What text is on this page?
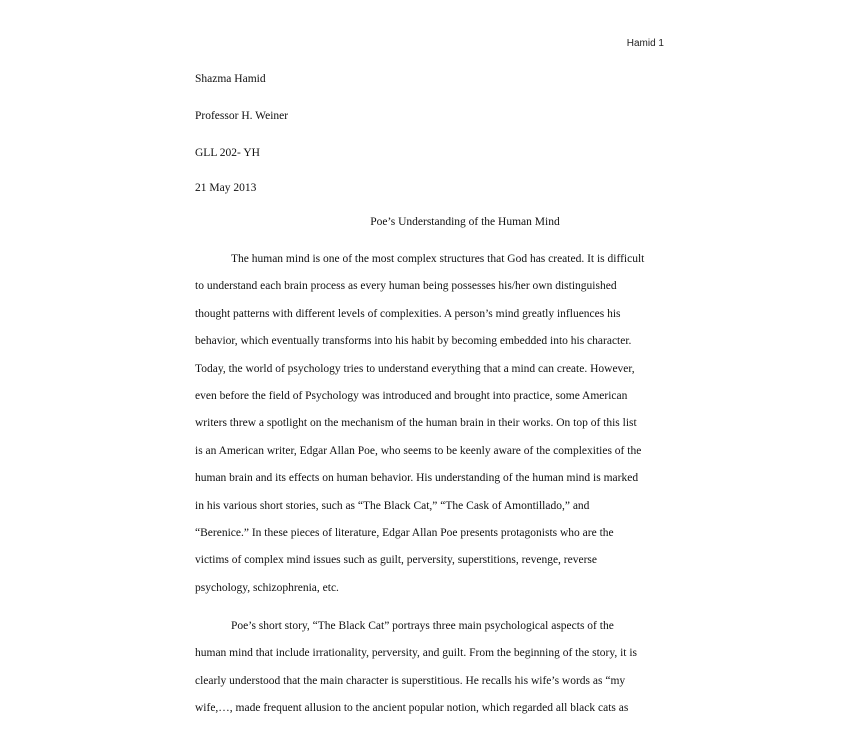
Hamid 1
Shazma Hamid
Professor H. Weiner
GLL 202- YH
21 May 2013
Poe’s Understanding of the Human Mind
The human mind is one of the most complex structures that God has created. It is difficult
to understand each brain process as every human being possesses his/her own distinguished
thought patterns with different levels of complexities. A person’s mind greatly influences his
behavior, which eventually transforms into his habit by becoming embedded into his character.
Today, the world of psychology tries to understand everything that a mind can create. However,
even before the field of Psychology was introduced and brought into practice, some American
writers threw a spotlight on the mechanism of the human brain in their works. On top of this list
is an American writer, Edgar Allan Poe, who seems to be keenly aware of the complexities of the
human brain and its effects on human behavior. His understanding of the human mind is marked
in his various short stories, such as “The Black Cat,” “The Cask of Amontillado,” and
“Berenice.” In these pieces of literature, Edgar Allan Poe presents protagonists who are the
victims of complex mind issues such as guilt, perversity, superstitions, revenge, reverse
psychology, schizophrenia, etc.
Poe’s short story, “The Black Cat” portrays three main psychological aspects of the
human mind that include irrationality, perversity, and guilt. From the beginning of the story, it is
clearly understood that the main character is superstitious. He recalls his wife’s words as “my
wife,…, made frequent allusion to the ancient popular notion, which regarded all black cats as
